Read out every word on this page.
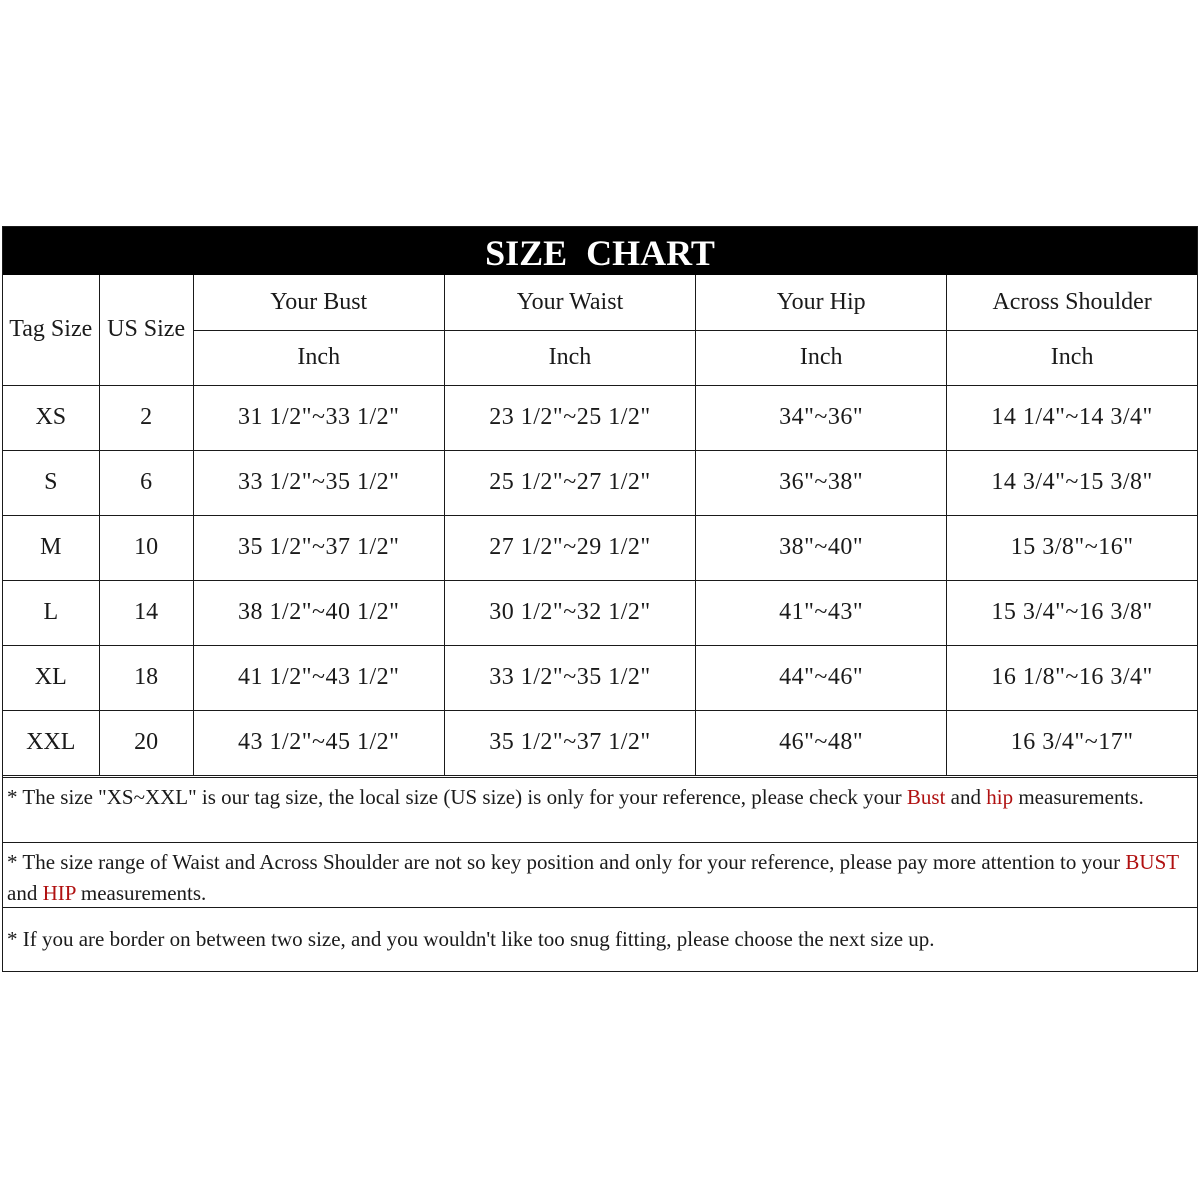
SIZE CHART
Tag Size	US Size	Your Bust	Your Waist	Your Hip	Across Shoulder
		Inch	Inch	Inch	Inch
XS	2	31 1/2"~33 1/2"	23 1/2"~25 1/2"	34"~36"	14 1/4"~14 3/4"
S	6	33 1/2"~35 1/2"	25 1/2"~27 1/2"	36"~38"	14 3/4"~15 3/8"
M	10	35 1/2"~37 1/2"	27 1/2"~29 1/2"	38"~40"	15 3/8"~16"
L	14	38 1/2"~40 1/2"	30 1/2"~32 1/2"	41"~43"	15 3/4"~16 3/8"
XL	18	41 1/2"~43 1/2"	33 1/2"~35 1/2"	44"~46"	16 1/8"~16 3/4"
XXL	20	43 1/2"~45 1/2"	35 1/2"~37 1/2"	46"~48"	16 3/4"~17"
* The size "XS~XXL" is our tag size, the local size (US size) is only for your reference, please check your Bust and hip measurements.
* The size range of Waist and Across Shoulder are not so key position and only for your reference, please pay more attention to your BUST and HIP measurements.
* If you are border on between two size, and you wouldn't like too snug fitting, please choose the next size up.
